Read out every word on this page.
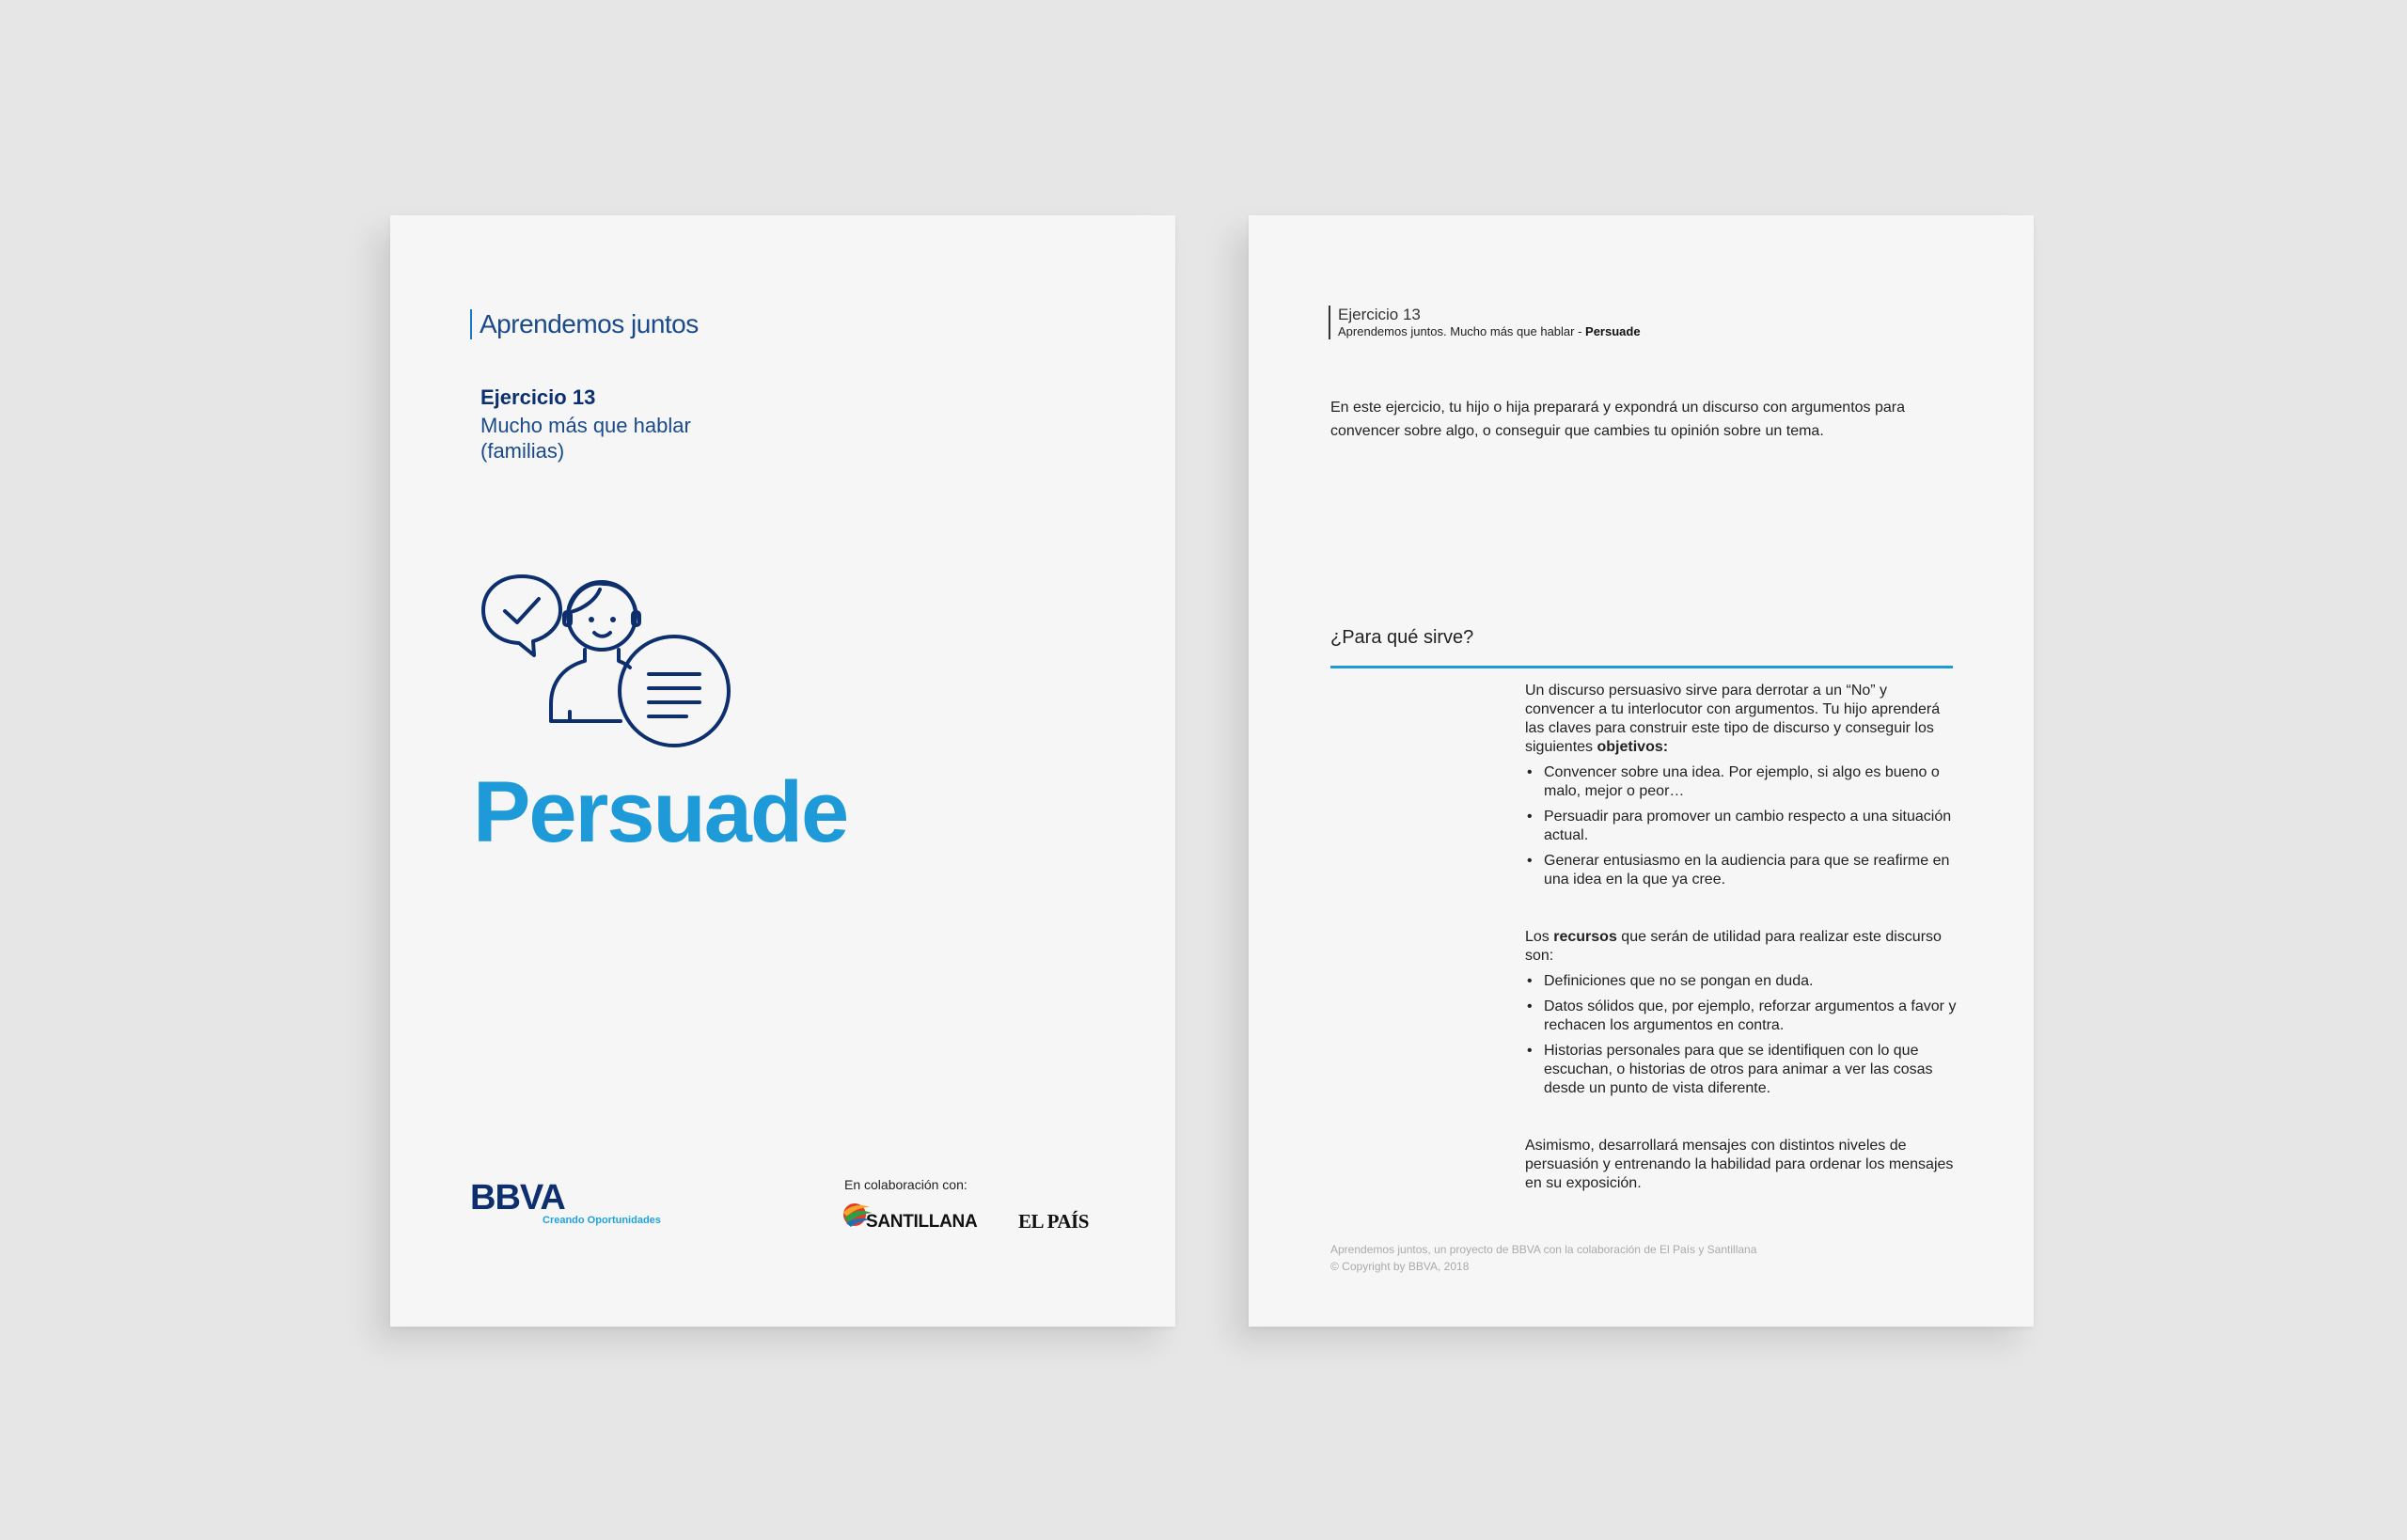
Aprendemos juntos
Ejercicio 13
Mucho más que hablar
(familias)
Persuade
BBVA
Creando Oportunidades
En colaboración con:
SANTILLANA EL PAÍS
Ejercicio 13
Aprendemos juntos. Mucho más que hablar - Persuade
En este ejercicio, tu hijo o hija preparará y expondrá un discurso con argumentos para convencer sobre algo, o conseguir que cambies tu opinión sobre un tema.
¿Para qué sirve?

Un discurso persuasivo sirve para derrotar a un “No” y convencer a tu interlocutor con argumentos. Tu hijo aprenderá las claves para construir este tipo de discurso y conseguir los siguientes objetivos:

• Convencer sobre una idea. Por ejemplo, si algo es bueno o malo, mejor o peor…
• Persuadir para promover un cambio respecto a una situación actual.
• Generar entusiasmo en la audiencia para que se reafirme en una idea en la que ya cree.

Los recursos que serán de utilidad para realizar este discurso son:

• Definiciones que no se pongan en duda.
• Datos sólidos que, por ejemplo, reforzar argumentos a favor y rechacen los argumentos en contra.
• Historias personales para que se identifiquen con lo que escuchan, o historias de otros para animar a ver las cosas desde un punto de vista diferente.

Asimismo, desarrollará mensajes con distintos niveles de persuasión y entrenando la habilidad para ordenar los mensajes en su exposición.

Aprendemos juntos, un proyecto de BBVA con la colaboración de El País y Santillana
© Copyright by BBVA, 2018
